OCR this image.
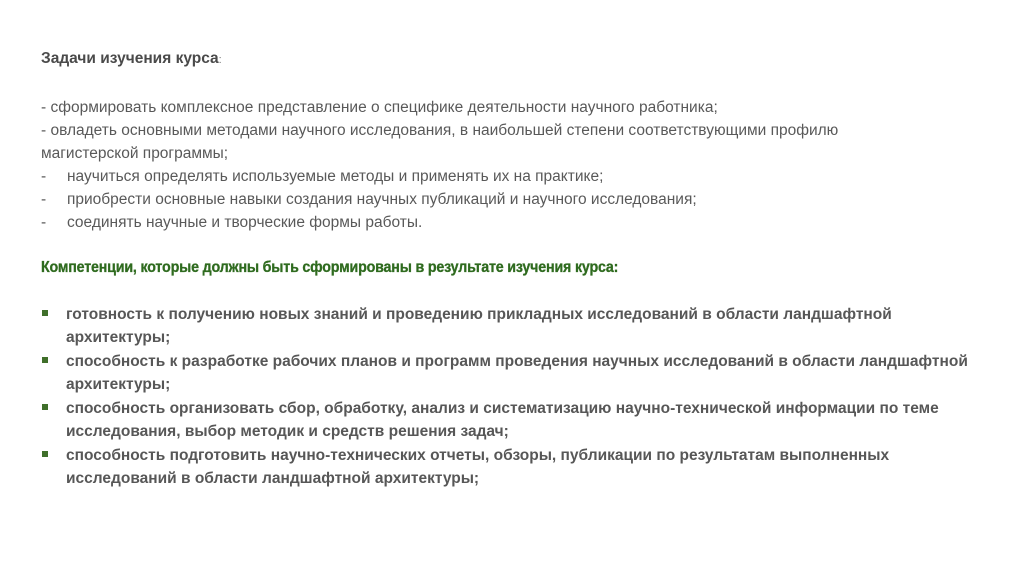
Задачи изучения курса:
- сформировать комплексное представление о специфике деятельности научного работника;
- овладеть основными методами научного исследования, в наибольшей степени соответствующими профилю
магистерской программы;
-	научиться определять используемые методы и применять их на практике;
-	приобрести основные навыки создания научных публикаций и научного исследования;
-	соединять научные и творческие формы работы.
Компетенции, которые должны быть сформированы в результате изучения курса:
готовность к получению новых знаний и проведению прикладных исследований в области ландшафтной архитектуры;
способность к разработке рабочих планов и программ проведения научных исследований в области ландшафтной архитектуры;
способность организовать сбор, обработку, анализ и систематизацию научно-технической информации по теме исследования, выбор методик и средств решения задач;
способность подготовить научно-технических отчеты, обзоры, публикации по результатам выполненных исследований в области ландшафтной архитектуры;
